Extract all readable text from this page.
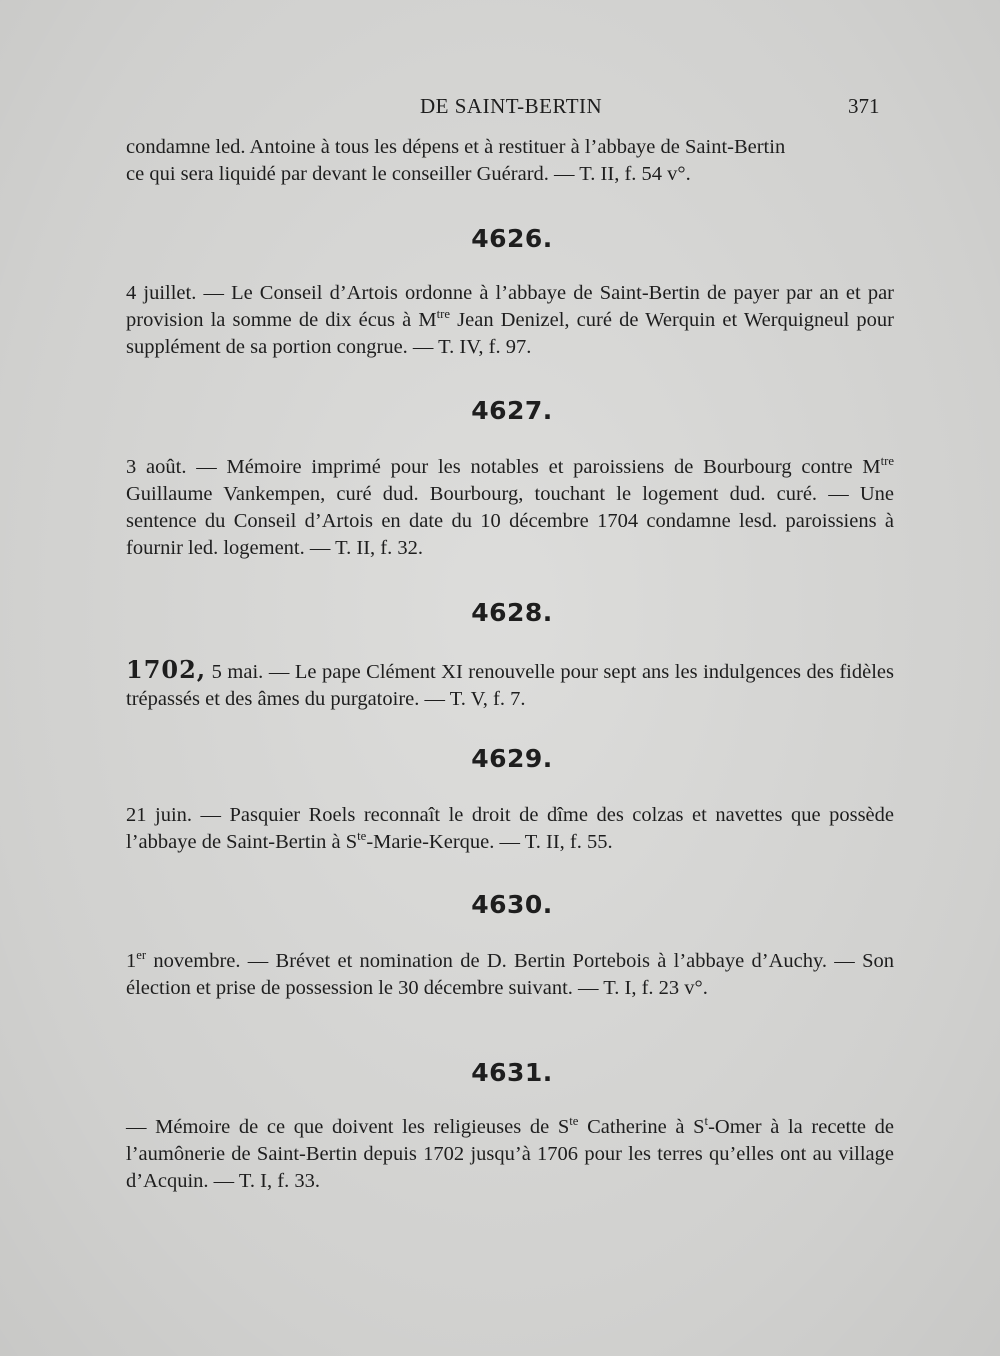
DE SAINT-BERTIN	371

condamne led. Antoine à tous les dépens et à restituer à l’abbaye de Saint-Bertin
ce qui sera liquidé par devant le conseiller Guérard. — T. II, f. 54 v°.

4626.

4 juillet. — Le Conseil d’Artois ordonne à l’abbaye de Saint-Bertin de payer par an et par provision la somme de dix écus à $M^{tre}$ Jean Denizel, curé de Werquin et Werquigneul pour supplément de sa portion congrue. — T. IV, f. 97.

4627.

3 août. — Mémoire imprimé pour les notables et paroissiens de Bourbourg contre $M^{tre}$ Guillaume Vankempen, curé dud. Bourbourg, touchant le logement dud. curé. — Une sentence du Conseil d’Artois en date du 10 décembre 1704 condamne lesd. paroissiens à fournir led. logement. — T. II, f. 32.

4628.

1702, 5 mai. — Le pape Clément XI renouvelle pour sept ans les indulgences des fidèles trépassés et des âmes du purgatoire. — T. V, f. 7.

4629.

21 juin. — Pasquier Roels reconnaît le droit de dîme des colzas et navettes que possède l’abbaye de Saint-Bertin à $S^{te}-Marie$-Kerque. — T. II, f. 55.

4630.

1er novembre. — Brévet et nomination de D. Bertin Portebois à l’abbaye d’Auchy. — Son élection et prise de possession le 30 décembre suivant. — T. I, f. 23 v°.

4631.

— Mémoire de ce que doivent les religieuses de $S^{te}$ Catherine à $S^t$-Omer à la recette de l’aumônerie de Saint-Bertin depuis 1702 jusqu’à 1706 pour les terres qu’elles ont au village d’Acquin. — T. I, f. 33.
